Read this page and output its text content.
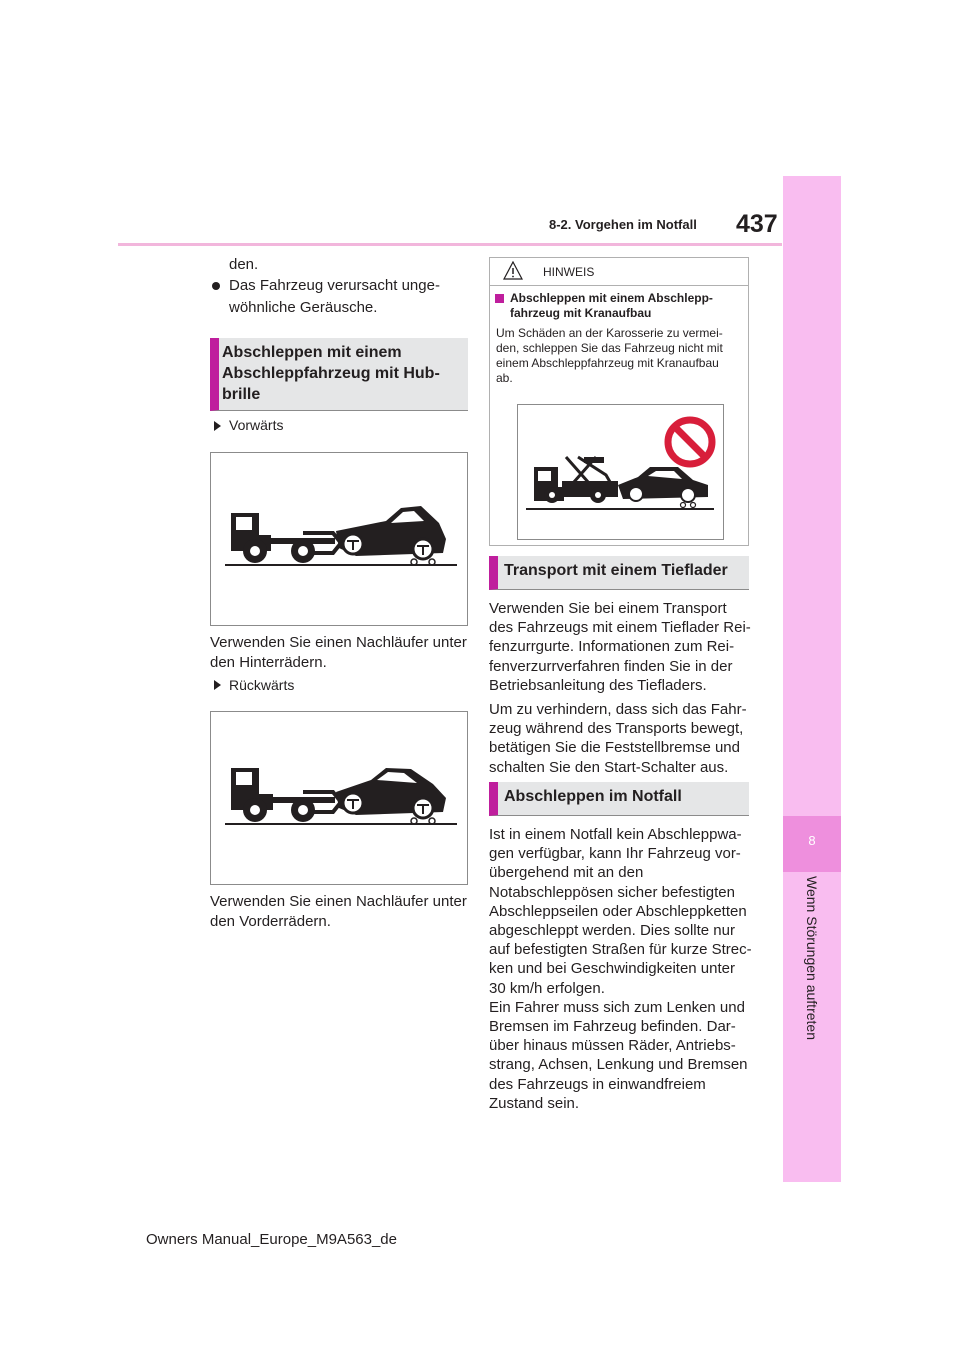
8-2. Vorgehen im Notfall 437
8
Wenn Störungen auftreten
den.
Das Fahrzeug verursacht unge-
wöhnliche Geräusche.
Abschleppen mit einem
Abschleppfahrzeug mit Hub-
brille
Vorwärts
Verwenden Sie einen Nachläufer unter
den Hinterrädern.
Rückwärts
Verwenden Sie einen Nachläufer unter
den Vorderrädern.
HINWEIS
Abschleppen mit einem Abschlepp-
fahrzeug mit Kranaufbau
Um Schäden an der Karosserie zu vermei-
den, schleppen Sie das Fahrzeug nicht mit
einem Abschleppfahrzeug mit Kranaufbau
ab.
Transport mit einem Tieflader
Verwenden Sie bei einem Transport
des Fahrzeugs mit einem Tieflader Rei-
fenzurrgurte. Informationen zum Rei-
fenverzurrverfahren finden Sie in der
Betriebsanleitung des Tiefladers.
Um zu verhindern, dass sich das Fahr-
zeug während des Transports bewegt,
betätigen Sie die Feststellbremse und
schalten Sie den Start-Schalter aus.
Abschleppen im Notfall
Ist in einem Notfall kein Abschleppwa-
gen verfügbar, kann Ihr Fahrzeug vor-
übergehend mit an den
Notabschleppösen sicher befestigten
Abschleppseilen oder Abschleppketten
abgeschleppt werden. Dies sollte nur
auf befestigten Straßen für kurze Strec-
ken und bei Geschwindigkeiten unter
30 km/h erfolgen.
Ein Fahrer muss sich zum Lenken und
Bremsen im Fahrzeug befinden. Dar-
über hinaus müssen Räder, Antriebs-
strang, Achsen, Lenkung und Bremsen
des Fahrzeugs in einwandfreiem
Zustand sein.
Owners Manual_Europe_M9A563_de
